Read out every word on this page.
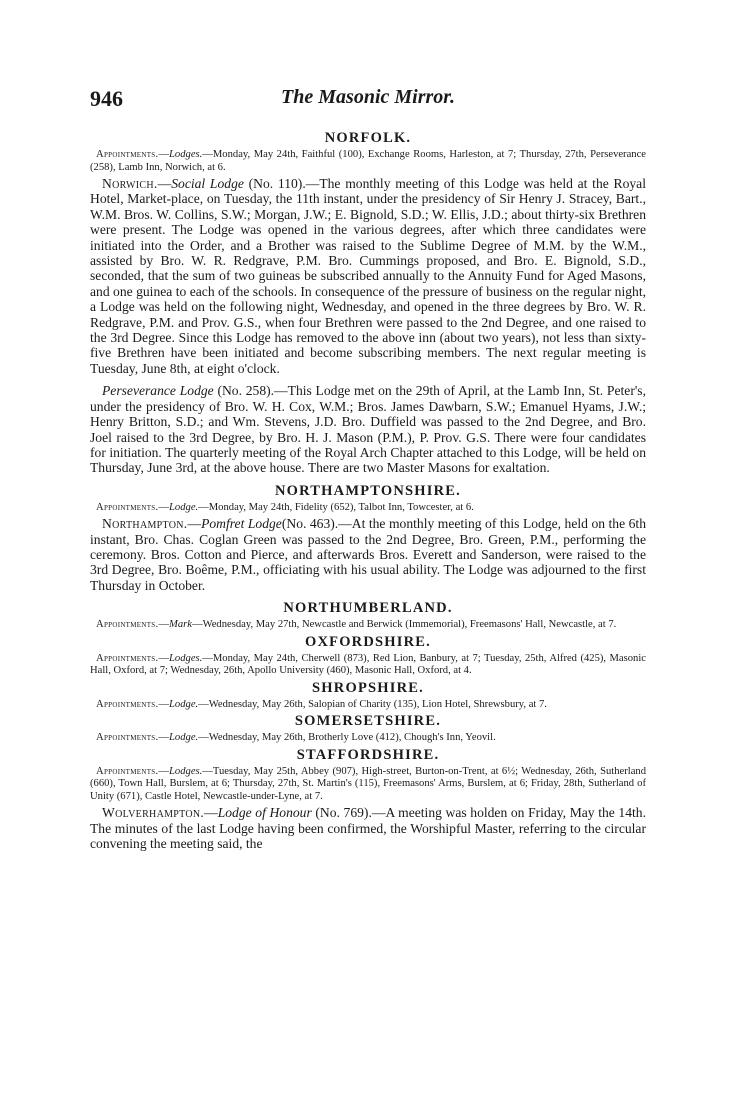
946	The Masonic Mirror.
NORFOLK.

Appointments.—Lodges.—Monday, May 24th, Faithful (100), Exchange Rooms, Harleston, at 7; Thursday, 27th, Perseverance (258), Lamb Inn, Norwich, at 6.

Norwich.—Social Lodge (No. 110).—The monthly meeting of this Lodge was held at the Royal Hotel, Market-place, on Tuesday, the 11th instant, under the presidency of Sir Henry J. Stracey, Bart., W.M. Bros. W. Collins, S.W.; Morgan, J.W.; E. Bignold, S.D.; W. Ellis, J.D.; about thirty-six Brethren were present. The Lodge was opened in the various degrees, after which three candidates were initiated into the Order, and a Brother was raised to the Sublime Degree of M.M. by the W.M., assisted by Bro. W. R. Redgrave, P.M. Bro. Cummings proposed, and Bro. E. Bignold, S.D., seconded, that the sum of two guineas be subscribed annually to the Annuity Fund for Aged Masons, and one guinea to each of the schools. In consequence of the pressure of business on the regular night, a Lodge was held on the following night, Wednesday, and opened in the three degrees by Bro. W. R. Redgrave, P.M. and Prov. G.S., when four Brethren were passed to the 2nd Degree, and one raised to the 3rd Degree. Since this Lodge has removed to the above inn (about two years), not less than sixty-five Brethren have been initiated and become subscribing members. The next regular meeting is Tuesday, June 8th, at eight o'clock.

Perseverance Lodge (No. 258).—This Lodge met on the 29th of April, at the Lamb Inn, St. Peter's, under the presidency of Bro. W. H. Cox, W.M.; Bros. James Dawbarn, S.W.; Emanuel Hyams, J.W.; Henry Britton, S.D.; and Wm. Stevens, J.D. Bro. Duffield was passed to the 2nd Degree, and Bro. Joel raised to the 3rd Degree, by Bro. H. J. Mason (P.M.), P. Prov. G.S. There were four candidates for initiation. The quarterly meeting of the Royal Arch Chapter attached to this Lodge, will be held on Thursday, June 3rd, at the above house. There are two Master Masons for exaltation.

NORTHAMPTONSHIRE.

Appointments.—Lodge.—Monday, May 24th, Fidelity (652), Talbot Inn, Towcester, at 6.

Northampton.—Pomfret Lodge(No. 463).—At the monthly meeting of this Lodge, held on the 6th instant, Bro. Chas. Coglan Green was passed to the 2nd Degree, Bro. Green, P.M., performing the ceremony. Bros. Cotton and Pierce, and afterwards Bros. Everett and Sanderson, were raised to the 3rd Degree, Bro. Boême, P.M., officiating with his usual ability. The Lodge was adjourned to the first Thursday in October.

NORTHUMBERLAND.

Appointments.—Mark—Wednesday, May 27th, Newcastle and Berwick (Immemorial), Freemasons' Hall, Newcastle, at 7.

OXFORDSHIRE.

Appointments.—Lodges.—Monday, May 24th, Cherwell (873), Red Lion, Banbury, at 7; Tuesday, 25th, Alfred (425), Masonic Hall, Oxford, at 7; Wednesday, 26th, Apollo University (460), Masonic Hall, Oxford, at 4.

SHROPSHIRE.

Appointments.—Lodge.—Wednesday, May 26th, Salopian of Charity (135), Lion Hotel, Shrewsbury, at 7.

SOMERSETSHIRE.

Appointments.—Lodge.—Wednesday, May 26th, Brotherly Love (412), Chough's Inn, Yeovil.

STAFFORDSHIRE.

Appointments.—Lodges.—Tuesday, May 25th, Abbey (907), High-street, Burton-on-Trent, at 6½; Wednesday, 26th, Sutherland (660), Town Hall, Burslem, at 6; Thursday, 27th, St. Martin's (115), Freemasons' Arms, Burslem, at 6; Friday, 28th, Sutherland of Unity (671), Castle Hotel, Newcastle-under-Lyne, at 7.

Wolverhampton.—Lodge of Honour (No. 769).—A meeting was holden on Friday, May the 14th. The minutes of the last Lodge having been confirmed, the Worshipful Master, referring to the circular convening the meeting said, the
